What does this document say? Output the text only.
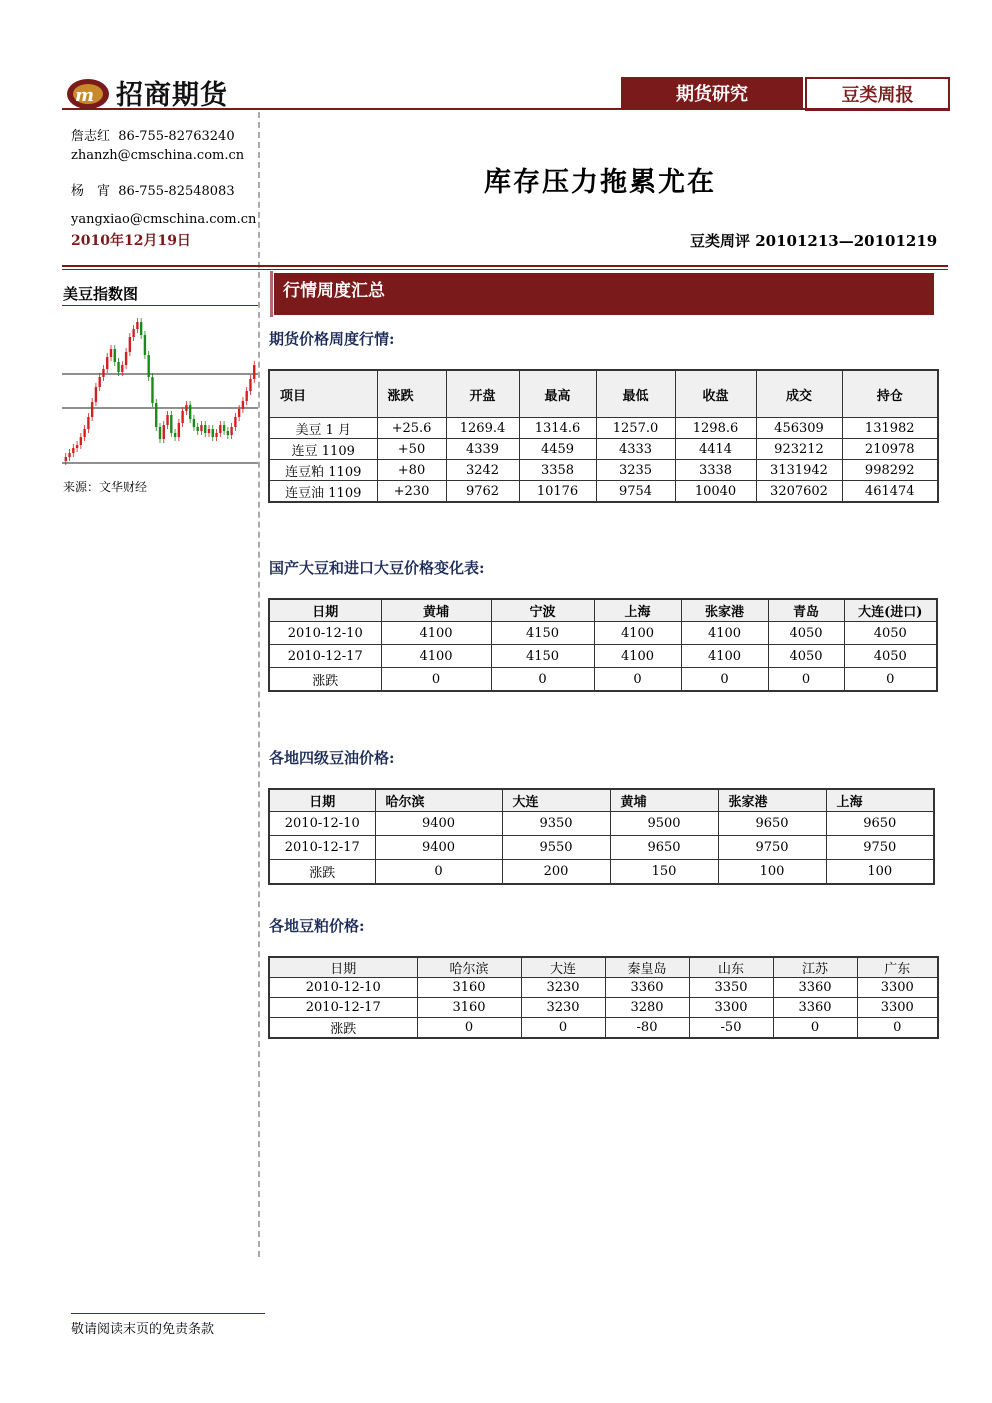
m 招商期货	期货研究	豆类周报
詹志红 86-755-82763240
zhanzh@cmschina.com.cn
杨　宵 86-755-82548083
yangxiao@cmschina.com.cn
2010年12月19日
库存压力拖累尤在
豆类周评 20101213—20101219
美豆指数图
来源：文华财经
行情周度汇总
期货价格周度行情:
项目	涨跌	开盘	最高	最低	收盘	成交	持仓
美豆 1 月	+25.6	1269.4	1314.6	1257.0	1298.6	456309	131982
连豆 1109	+50	4339	4459	4333	4414	923212	210978
连豆粕 1109	+80	3242	3358	3235	3338	3131942	998292
连豆油 1109	+230	9762	10176	9754	10040	3207602	461474
国产大豆和进口大豆价格变化表:
日期	黄埔	宁波	上海	张家港	青岛	大连(进口)
2010-12-10	4100	4150	4100	4100	4050	4050
2010-12-17	4100	4150	4100	4100	4050	4050
涨跌	0	0	0	0	0	0
各地四级豆油价格:
日期	哈尔滨	大连	黄埔	张家港	上海
2010-12-10	9400	9350	9500	9650	9650
2010-12-17	9400	9550	9650	9750	9750
涨跌	0	200	150	100	100
各地豆粕价格:
日期	哈尔滨	大连	秦皇岛	山东	江苏	广东
2010-12-10	3160	3230	3360	3350	3360	3300
2010-12-17	3160	3230	3280	3300	3360	3300
涨跌	0	0	-80	-50	0	0
敬请阅读末页的免责条款
